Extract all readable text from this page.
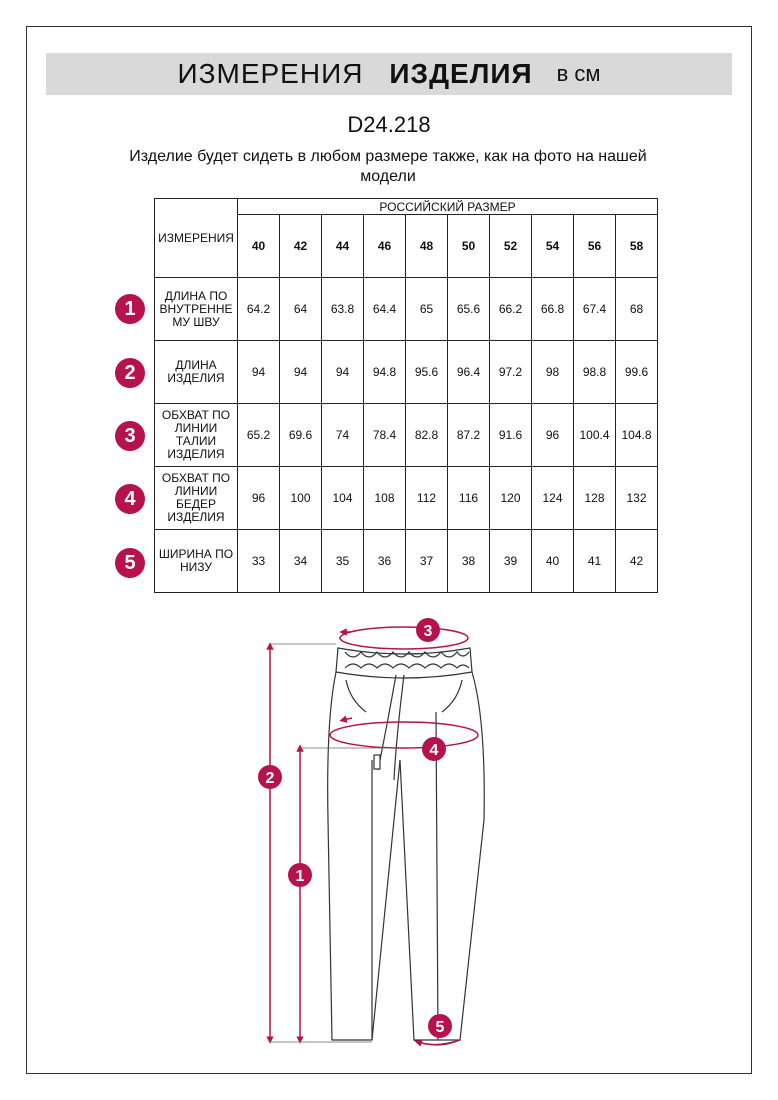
ИЗМЕРЕНИЯ ИЗДЕЛИЯ в см
D24.218
Изделие будет сидеть в любом размере также, как на фото на нашей модели
ИЗМЕРЕНИЯ	РОССИЙСКИЙ РАЗМЕР									
	40	42	44	46	48	50	52	54	56	58
ДЛИНА ПО ВНУТРЕННЕ МУ ШВУ	64.2	64	63.8	64.4	65	65.6	66.2	66.8	67.4	68
ДЛИНА ИЗДЕЛИЯ	94	94	94	94.8	95.6	96.4	97.2	98	98.8	99.6
ОБХВАТ ПО ЛИНИИ ТАЛИИ ИЗДЕЛИЯ	65.2	69.6	74	78.4	82.8	87.2	91.6	96	100.4	104.8
ОБХВАТ ПО ЛИНИИ БЕДЕР ИЗДЕЛИЯ	96	100	104	108	112	116	120	124	128	132
ШИРИНА ПО НИЗУ	33	34	35	36	37	38	39	40	41	42
1
2
3
4
5
3
4
2
1
5
